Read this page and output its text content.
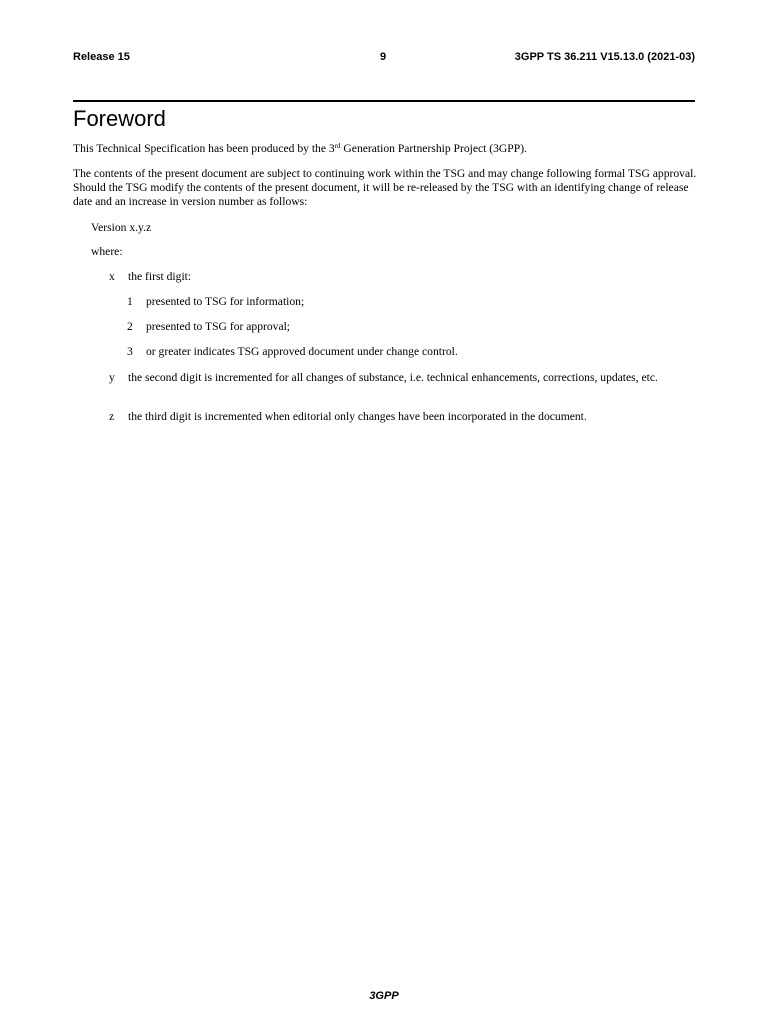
Release 15	9	3GPP TS 36.211 V15.13.0 (2021-03)
Foreword

This Technical Specification has been produced by the 3rd Generation Partnership Project (3GPP).

The contents of the present document are subject to continuing work within the TSG and may change following formal TSG approval. Should the TSG modify the contents of the present document, it will be re-released by the TSG with an identifying change of release date and an increase in version number as follows:

Version x.y.z

where:

x the first digit:
1 presented to TSG for information;
2 presented to TSG for approval;
3 or greater indicates TSG approved document under change control.
y the second digit is incremented for all changes of substance, i.e. technical enhancements, corrections, updates, etc.
z the third digit is incremented when editorial only changes have been incorporated in the document.
3GPP
